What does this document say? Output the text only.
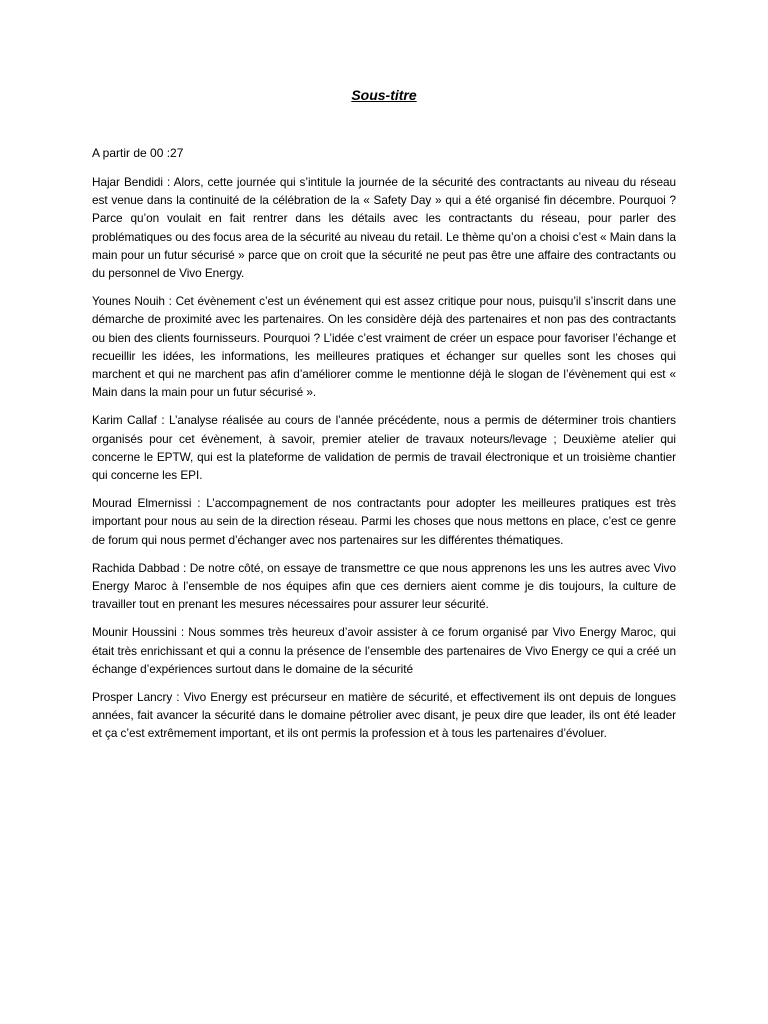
Sous-titre

A partir de 00 :27

Hajar Bendidi : Alors, cette journée qui s’intitule la journée de la sécurité des contractants au niveau du réseau est venue dans la continuité de la célébration de la « Safety Day » qui a été organisé fin décembre. Pourquoi ? Parce qu’on voulait en fait rentrer dans les détails avec les contractants du réseau, pour parler des problématiques ou des focus area de la sécurité au niveau du retail. Le thème qu’on a choisi c’est « Main dans la main pour un futur sécurisé » parce que on croit que la sécurité ne peut pas être une affaire des contractants ou du personnel de Vivo Energy.

Younes Nouih : Cet évènement c’est un événement qui est assez critique pour nous, puisqu’il s’inscrit dans une démarche de proximité avec les partenaires. On les considère déjà des partenaires et non pas des contractants ou bien des clients fournisseurs. Pourquoi ? L’idée c’est vraiment de créer un espace pour favoriser l’échange et recueillir les idées, les informations, les meilleures pratiques et échanger sur quelles sont les choses qui marchent et qui ne marchent pas afin d’améliorer comme le mentionne déjà le slogan de l’évènement qui est « Main dans la main pour un futur sécurisé ».

Karim Callaf : L’analyse réalisée au cours de l’année précédente, nous a permis de déterminer trois chantiers organisés pour cet évènement, à savoir, premier atelier de travaux noteurs/levage ; Deuxième atelier qui concerne le EPTW, qui est la plateforme de validation de permis de travail électronique et un troisième chantier qui concerne les EPI.

Mourad Elmernissi : L’accompagnement de nos contractants pour adopter les meilleures pratiques est très important pour nous au sein de la direction réseau. Parmi les choses que nous mettons en place, c’est ce genre de forum qui nous permet d’échanger avec nos partenaires sur les différentes thématiques.

Rachida Dabbad : De notre côté, on essaye de transmettre ce que nous apprenons les uns les autres avec Vivo Energy Maroc à l’ensemble de nos équipes afin que ces derniers aient comme je dis toujours, la culture de travailler tout en prenant les mesures nécessaires pour assurer leur sécurité.

Mounir Houssini : Nous sommes très heureux d’avoir assister à ce forum organisé par Vivo Energy Maroc, qui était très enrichissant et qui a connu la présence de l’ensemble des partenaires de Vivo Energy ce qui a créé un échange d’expériences surtout dans le domaine de la sécurité

Prosper Lancry : Vivo Energy est précurseur en matière de sécurité, et effectivement ils ont depuis de longues années, fait avancer la sécurité dans le domaine pétrolier avec disant, je peux dire que leader, ils ont été leader et ça c’est extrêmement important, et ils ont permis la profession et à tous les partenaires d’évoluer.
